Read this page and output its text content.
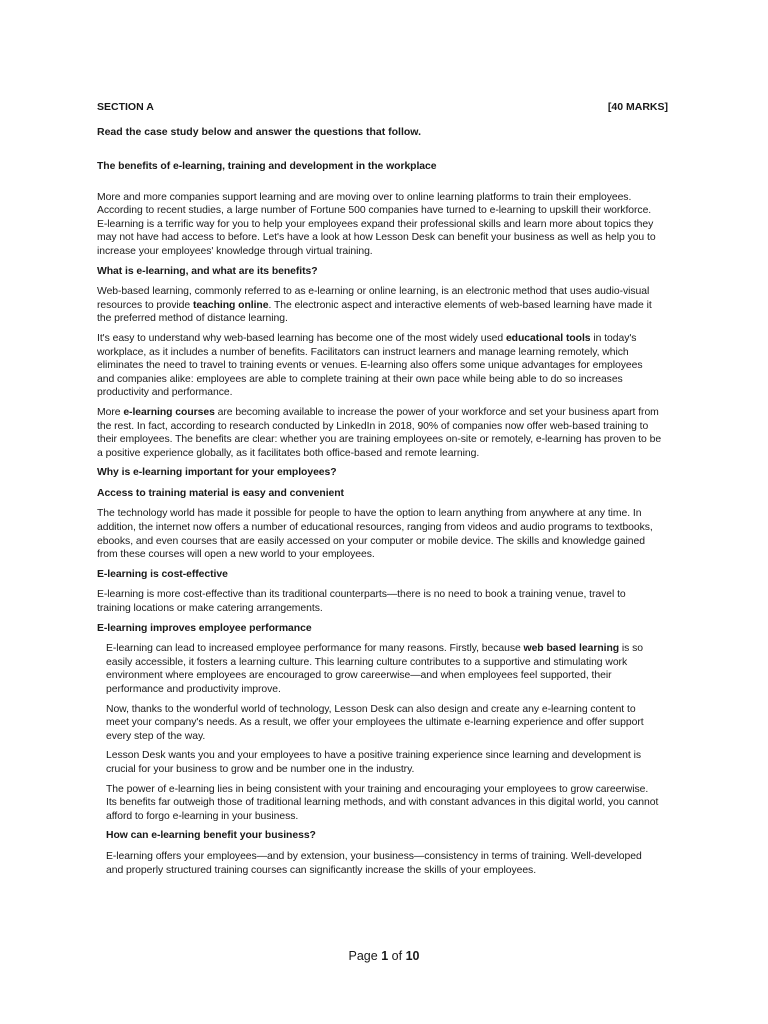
SECTION A	[40 MARKS]
Read the case study below and answer the questions that follow.
The benefits of e-learning, training and development in the workplace

More and more companies support learning and are moving over to online learning platforms to train their employees. According to recent studies, a large number of Fortune 500 companies have turned to e-learning to upskill their workforce. E-learning is a terrific way for you to help your employees expand their professional skills and learn more about topics they may not have had access to before. Let's have a look at how Lesson Desk can benefit your business as well as help you to increase your employees' knowledge through virtual training.

What is e-learning, and what are its benefits?

Web-based learning, commonly referred to as e-learning or online learning, is an electronic method that uses audio-visual resources to provide teaching online. The electronic aspect and interactive elements of web-based learning have made it the preferred method of distance learning.

It's easy to understand why web-based learning has become one of the most widely used educational tools in today's workplace, as it includes a number of benefits. Facilitators can instruct learners and manage learning remotely, which eliminates the need to travel to training events or venues. E-learning also offers some unique advantages for employees and companies alike: employees are able to complete training at their own pace while being able to do so increases productivity and performance.

More e-learning courses are becoming available to increase the power of your workforce and set your business apart from the rest. In fact, according to research conducted by LinkedIn in 2018, 90% of companies now offer web-based training to their employees. The benefits are clear: whether you are training employees on-site or remotely, e-learning has proven to be a positive experience globally, as it facilitates both office-based and remote learning.

Why is e-learning important for your employees?
Access to training material is easy and convenient

The technology world has made it possible for people to have the option to learn anything from anywhere at any time. In addition, the internet now offers a number of educational resources, ranging from videos and audio programs to textbooks, ebooks, and even courses that are easily accessed on your computer or mobile device. The skills and knowledge gained from these courses will open a new world to your employees.

E-learning is cost-effective

E-learning is more cost-effective than its traditional counterparts—there is no need to book a training venue, travel to training locations or make catering arrangements.

E-learning improves employee performance

E-learning can lead to increased employee performance for many reasons. Firstly, because web based learning is so easily accessible, it fosters a learning culture. This learning culture contributes to a supportive and stimulating work environment where employees are encouraged to grow careerwise—and when employees feel supported, their performance and productivity improve.

Now, thanks to the wonderful world of technology, Lesson Desk can also design and create any e-learning content to meet your company's needs. As a result, we offer your employees the ultimate e-learning experience and offer support every step of the way.

Lesson Desk wants you and your employees to have a positive training experience since learning and development is crucial for your business to grow and be number one in the industry.

The power of e-learning lies in being consistent with your training and encouraging your employees to grow careerwise. Its benefits far outweigh those of traditional learning methods, and with constant advances in this digital world, you cannot afford to forgo e-learning in your business.

How can e-learning benefit your business?

E-learning offers your employees—and by extension, your business—consistency in terms of training. Well-developed and properly structured training courses can significantly increase the skills of your employees.

Page 1 of 10
